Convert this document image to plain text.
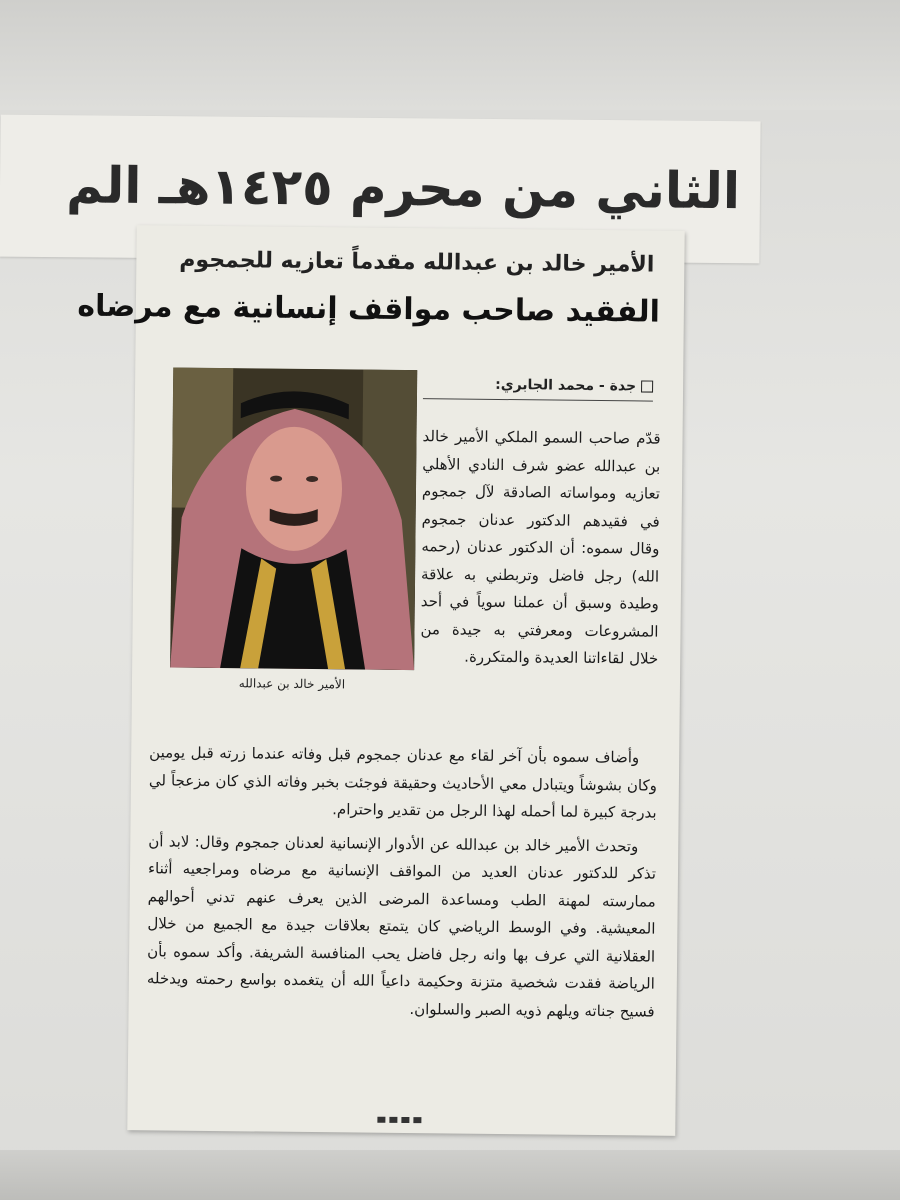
الثاني من محرم ١٤٢٥هـ الم
الأمير خالد بن عبدالله مقدماً تعازيه للجمجوم
الفقيد صاحب مواقف إنسانية مع مرضاه
جدة - محمد الجابري:
الأمير خالد بن عبدالله
قدّم صاحب السمو الملكي الأمير خالد بن عبدالله عضو شرف النادي الأهلي تعازيه ومواساته الصادقة لآل جمجوم في فقيدهم الدكتور عدنان جمجوم وقال سموه: أن الدكتور عدنان (رحمه الله) رجل فاضل وتربطني به علاقة وطيدة وسبق أن عملنا سوياً في أحد المشروعات ومعرفتي به جيدة من خلال لقاءاتنا العديدة والمتكررة.

وأضاف سموه بأن آخر لقاء مع عدنان جمجوم قبل وفاته عندما زرته قبل يومين وكان بشوشاً ويتبادل معي الأحاديث وحقيقة فوجئت بخبر وفاته الذي كان مزعجاً لي بدرجة كبيرة لما أحمله لهذا الرجل من تقدير واحترام.

وتحدث الأمير خالد بن عبدالله عن الأدوار الإنسانية لعدنان جمجوم وقال: لابد أن تذكر للدكتور عدنان العديد من المواقف الإنسانية مع مرضاه ومراجعيه أثناء ممارسته لمهنة الطب ومساعدة المرضى الذين يعرف عنهم تدني أحوالهم المعيشية. وفي الوسط الرياضي كان يتمتع بعلاقات جيدة مع الجميع من خلال العقلانية التي عرف بها وانه رجل فاضل يحب المنافسة الشريفة. وأكد سموه بأن الرياضة فقدت شخصية متزنة وحكيمة داعياً الله أن يتغمده بواسع رحمته ويدخله فسيح جناته ويلهم ذويه الصبر والسلوان.
